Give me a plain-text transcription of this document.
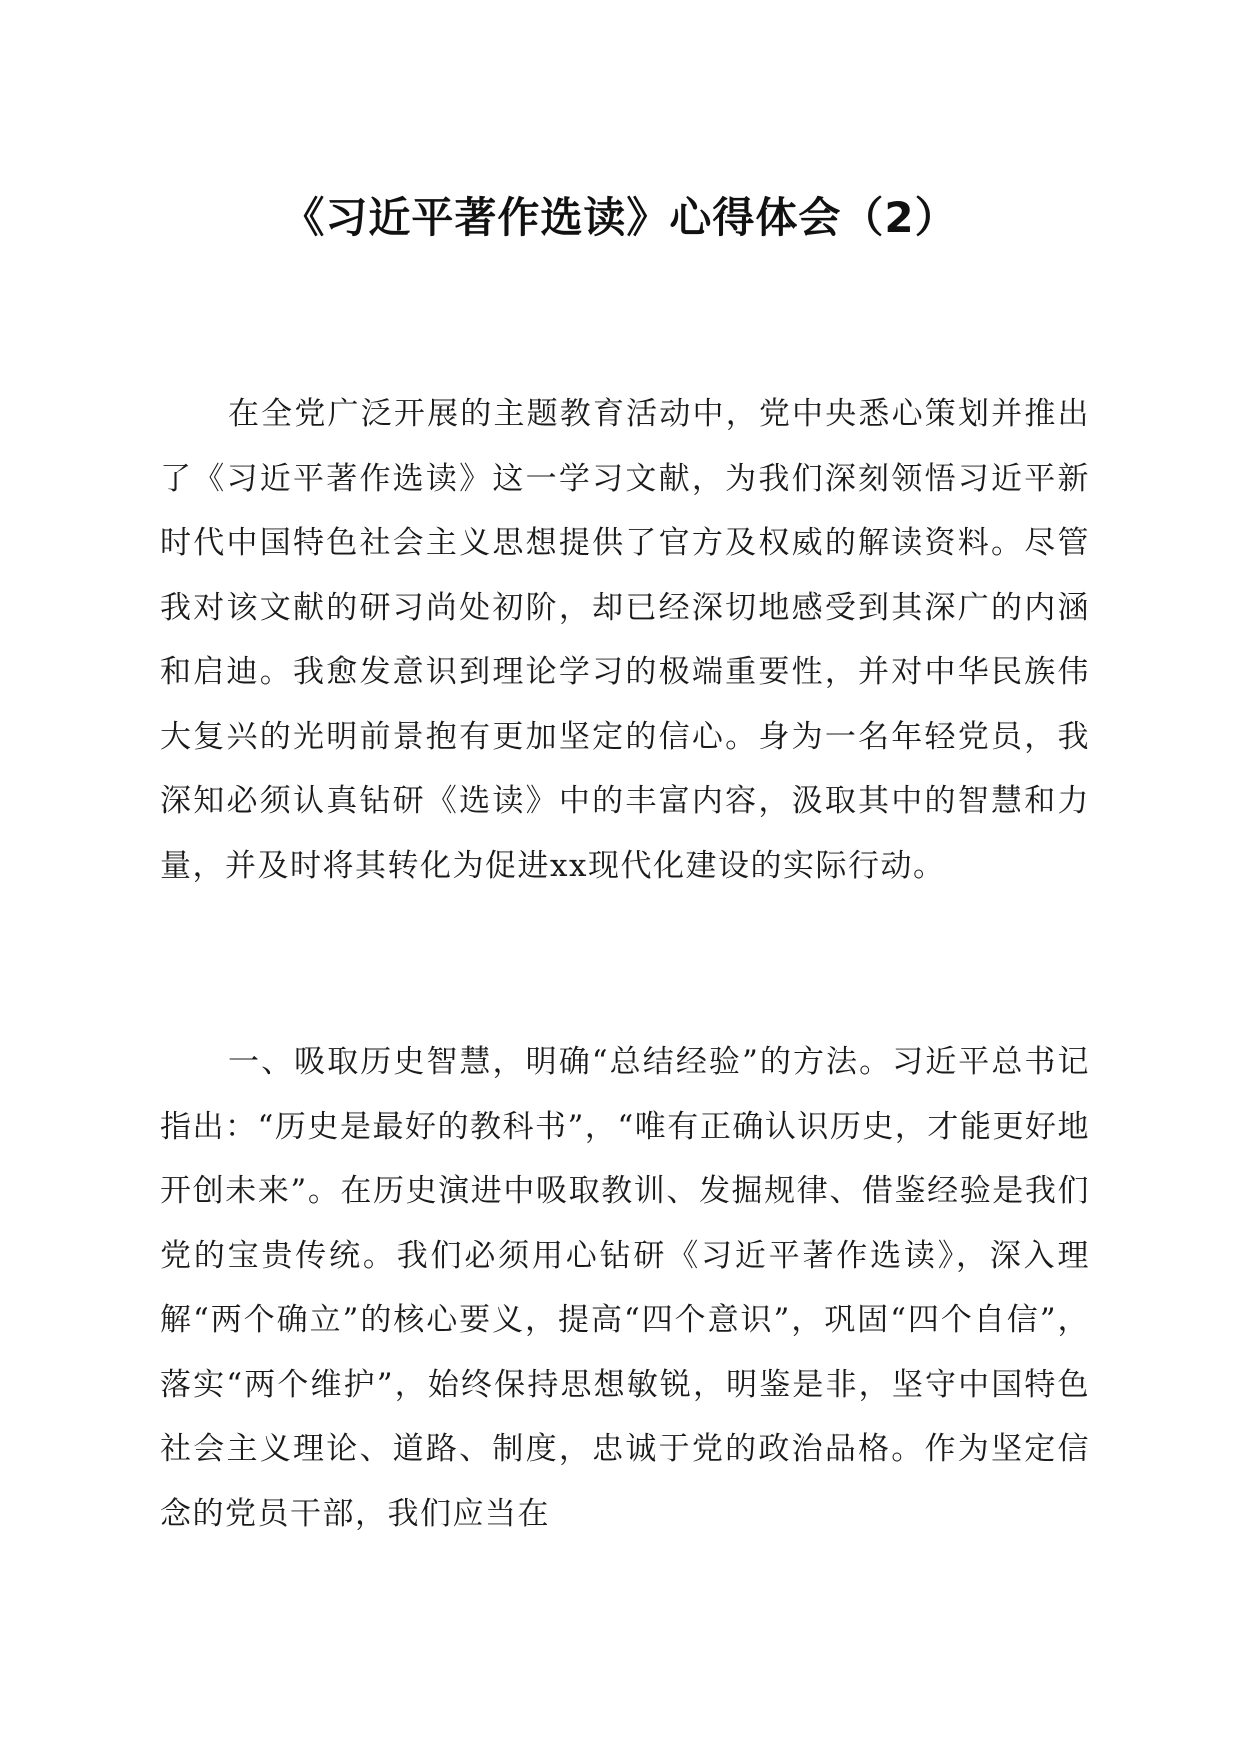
《习近平著作选读》心得体会（2）

在全党广泛开展的主题教育活动中，党中央悉心策划并推出了《习近平著作选读》这一学习文献，为我们深刻领悟习近平新时代中国特色社会主义思想提供了官方及权威的解读资料。尽管我对该文献的研习尚处初阶，却已经深切地感受到其深广的内涵和启迪。我愈发意识到理论学习的极端重要性，并对中华民族伟大复兴的光明前景抱有更加坚定的信心。身为一名年轻党员，我深知必须认真钻研《选读》中的丰富内容，汲取其中的智慧和力量，并及时将其转化为促进xx现代化建设的实际行动。

一、吸取历史智慧，明确“总结经验”的方法。习近平总书记指出：“历史是最好的教科书”，“唯有正确认识历史，才能更好地开创未来”。在历史演进中吸取教训、发掘规律、借鉴经验是我们党的宝贵传统。我们必须用心钻研《习近平著作选读》，深入理解“两个确立”的核心要义，提高“四个意识”，巩固“四个自信”，落实“两个维护”，始终保持思想敏锐，明鉴是非，坚守中国特色社会主义理论、道路、制度，忠诚于党的政治品格。作为坚定信念的党员干部，我们应当在
